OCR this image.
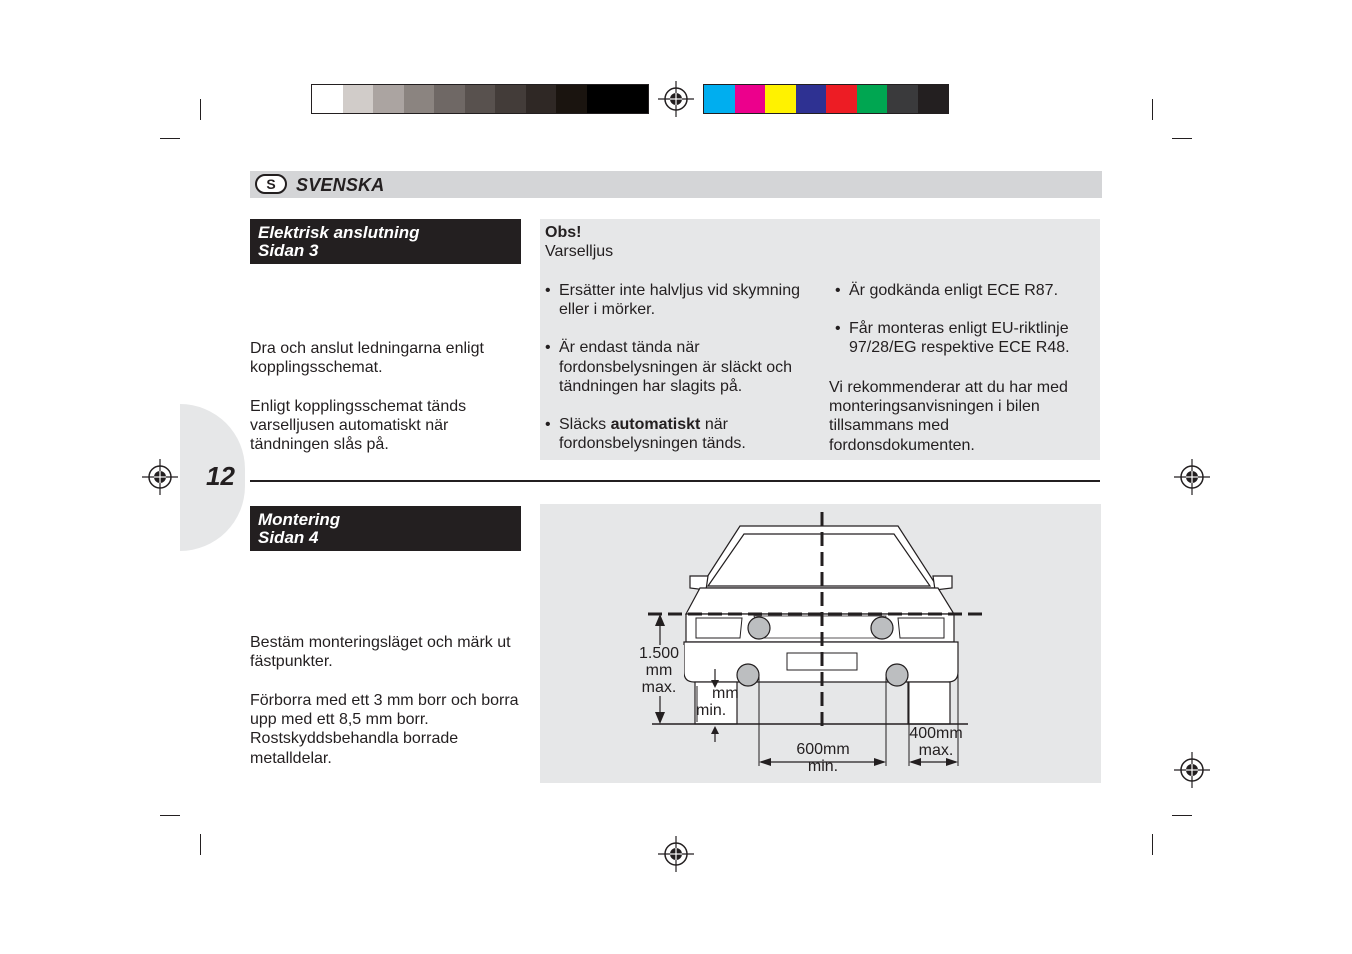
S	SVENSKA
12
Elektrisk anslutning
Sidan 3
Dra och anslut ledningarna enligt kopplingsschemat.
Enligt kopplingsschemat tänds varselljusen automatiskt när tändningen slås på.
Obs!
Varselljus
• Ersätter inte halvljus vid skymning eller i mörker.
• Är endast tända när fordonsbelysningen är släckt och tändningen har slagits på.
• Släcks automatiskt när fordonsbelysningen tänds.
• Är godkända enligt ECE R87.
• Får monteras enligt EU-riktlinje 97/28/EG respektive ECE R48.
Vi rekommenderar att du har med monteringsanvisningen i bilen tillsammans med fordonsdokumenten.
Montering
Sidan 4
Bestäm monteringsläget och märk ut fästpunkter.
Förborra med ett 3 mm borr och borra upp med ett 8,5 mm borr. Rostskyddsbehandla borrade metalldelar.
1.500
mm
max.	mm
min.
600mm
min.
400mm
max.
